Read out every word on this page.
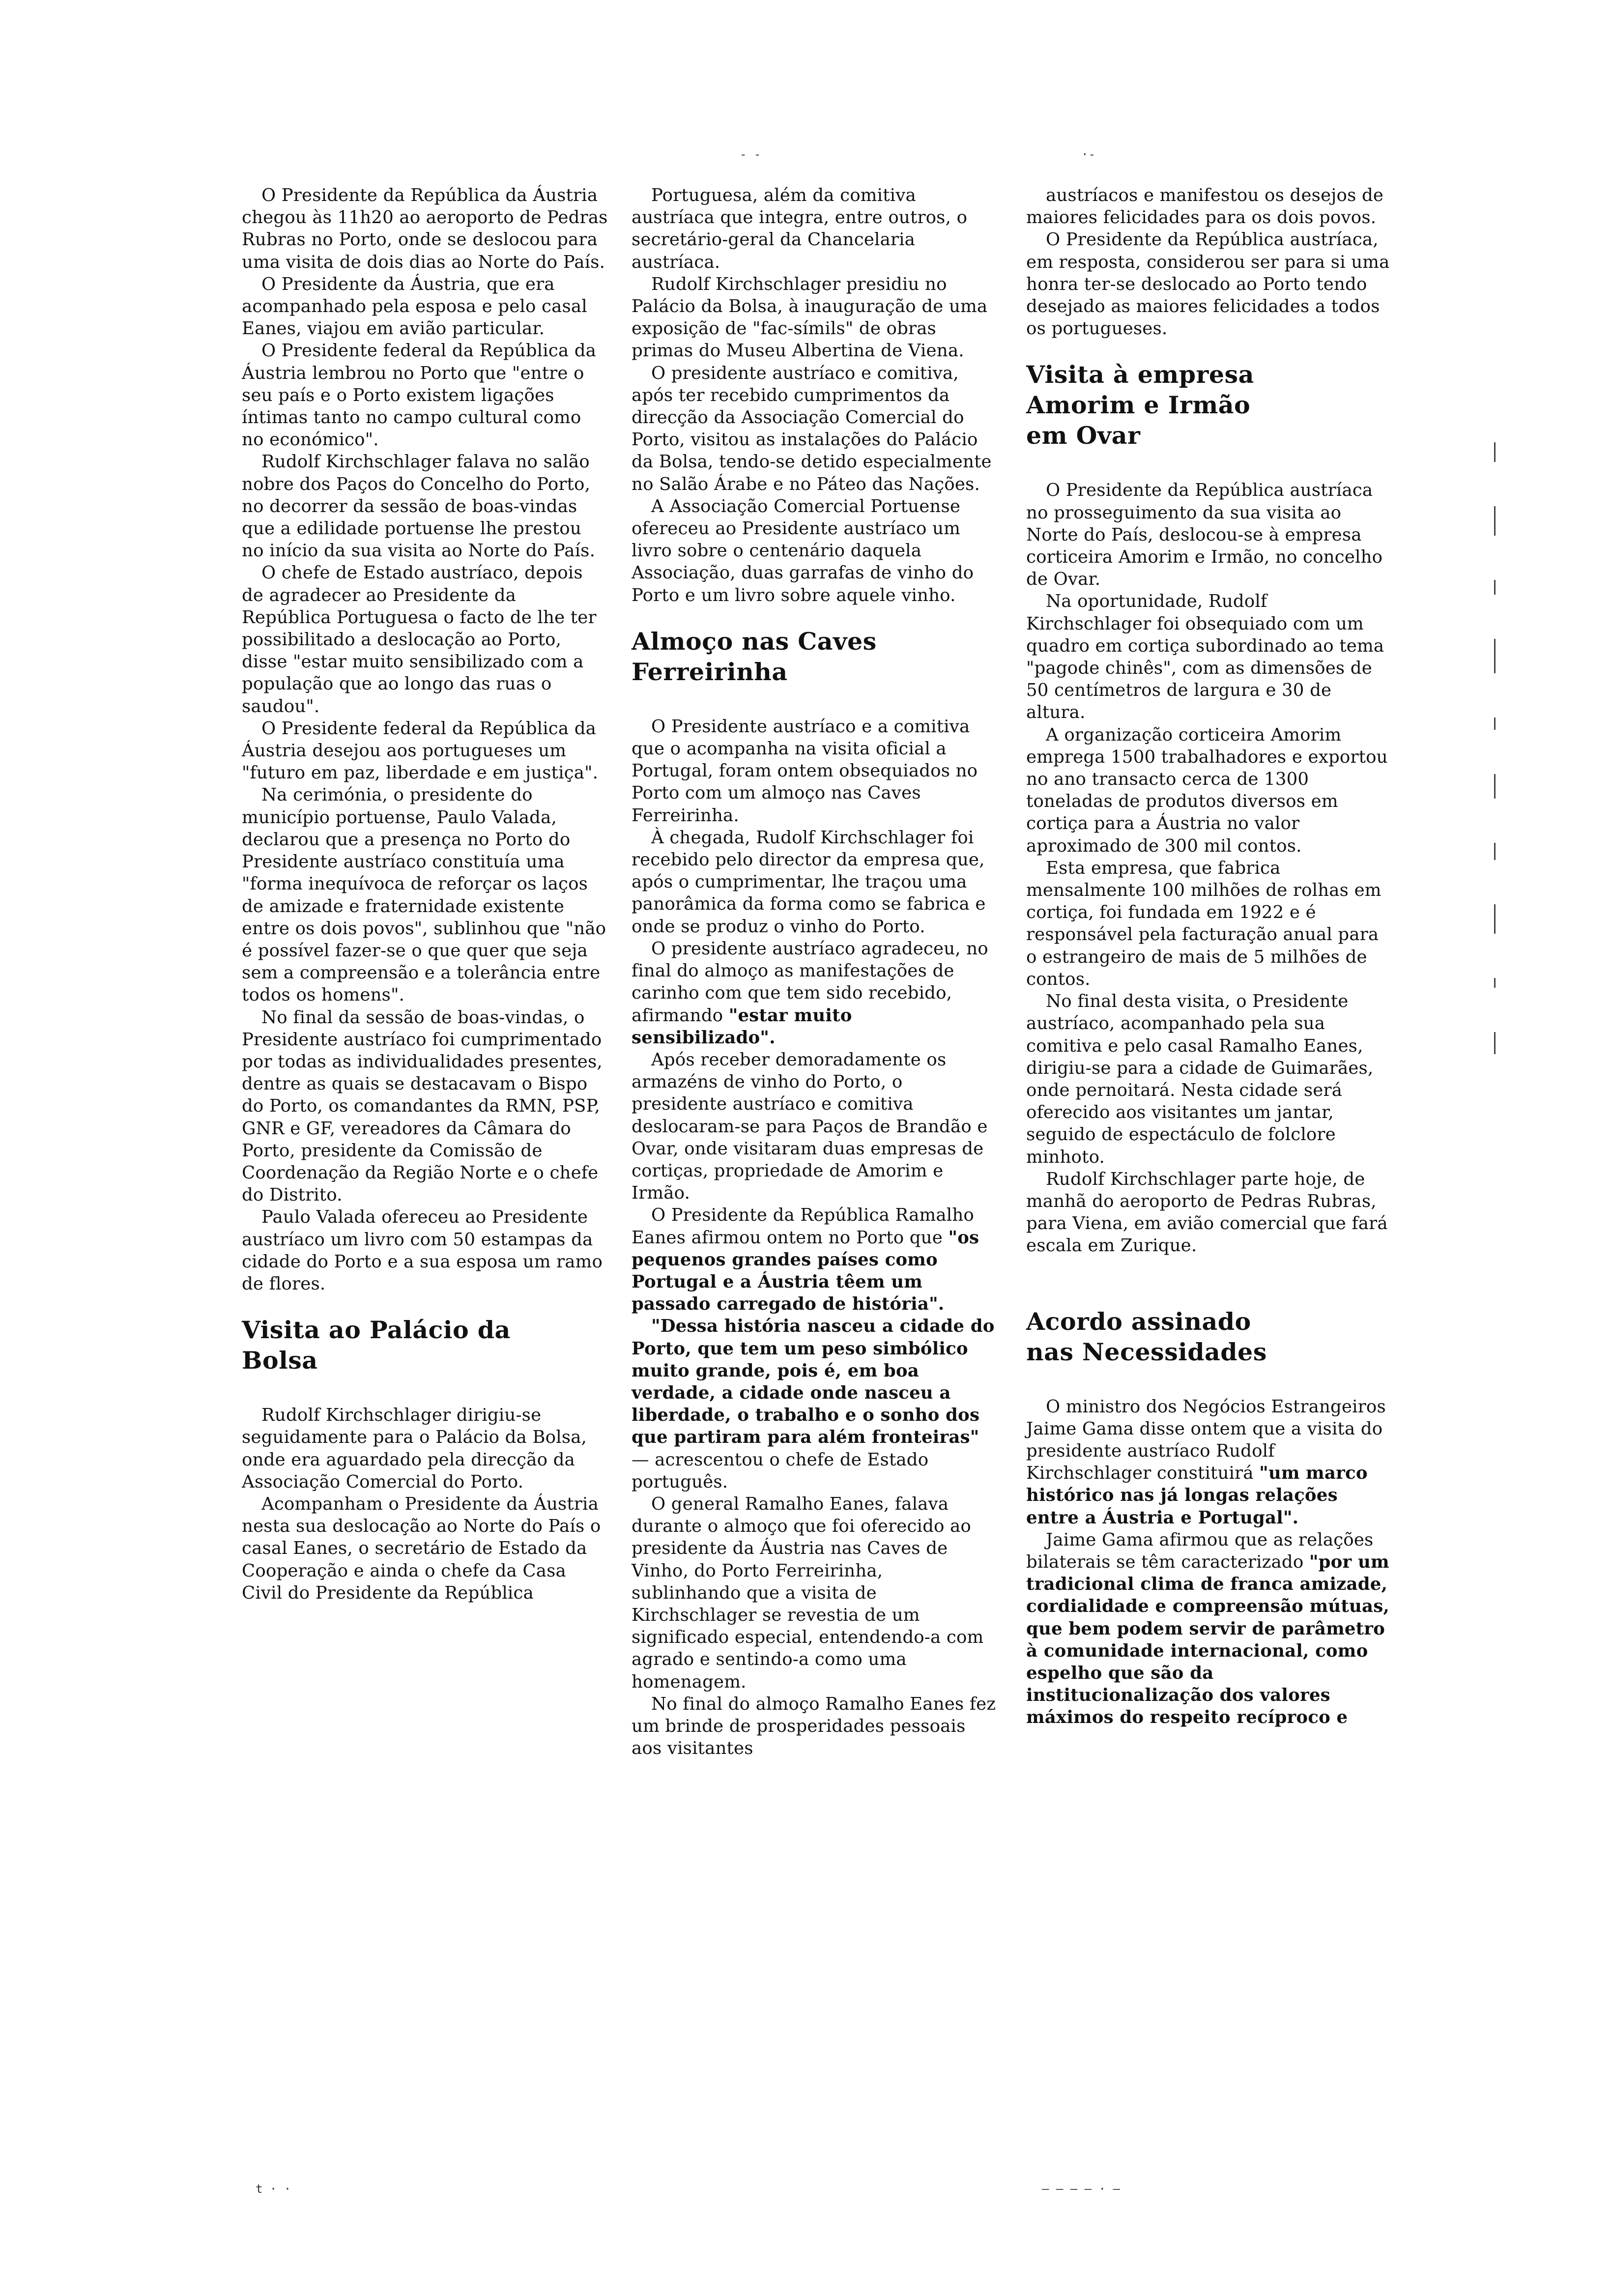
- -	·-

O Presidente da República da Áustria chegou às 11h20 ao aeroporto de Pedras Rubras no Porto, onde se deslocou para uma visita de dois dias ao Norte do País.

O Presidente da Áustria, que era acompanhado pela esposa e pelo casal Eanes, viajou em avião particular.

O Presidente federal da República da Áustria lembrou no Porto que "entre o seu país e o Porto existem ligações íntimas tanto no campo cultural como no económico".

Rudolf Kirchschlager falava no salão nobre dos Paços do Concelho do Porto, no decorrer da sessão de boas-vindas que a edilidade portuense lhe prestou no início da sua visita ao Norte do País.

O chefe de Estado austríaco, depois de agradecer ao Presidente da República Portuguesa o facto de lhe ter possibilitado a deslocação ao Porto, disse "estar muito sensibilizado com a população que ao longo das ruas o saudou".

O Presidente federal da República da Áustria desejou aos portugueses um "futuro em paz, liberdade e em justiça".

Na cerimónia, o presidente do município portuense, Paulo Valada, declarou que a presença no Porto do Presidente austríaco constituía uma "forma inequívoca de reforçar os laços de amizade e fraternidade existente entre os dois povos", sublinhou que "não é possível fazer-se o que quer que seja sem a compreensão e a tolerância entre todos os homens".

No final da sessão de boas-vindas, o Presidente austríaco foi cumprimentado por todas as individualidades presentes, dentre as quais se destacavam o Bispo do Porto, os comandantes da RMN, PSP, GNR e GF, vereadores da Câmara do Porto, presidente da Comissão de Coordenação da Região Norte e o chefe do Distrito.

Paulo Valada ofereceu ao Presidente austríaco um livro com 50 estampas da cidade do Porto e a sua esposa um ramo de flores.

Visita ao Palácio da Bolsa

Rudolf Kirchschlager dirigiu-se seguidamente para o Palácio da Bolsa, onde era aguardado pela direcção da Associação Comercial do Porto.

Acompanham o Presidente da Áustria nesta sua deslocação ao Norte do País o casal Eanes, o secretário de Estado da Cooperação e ainda o chefe da Casa Civil do Presidente da República

Portuguesa, além da comitiva austríaca que integra, entre outros, o secretário-geral da Chancelaria austríaca.

Rudolf Kirchschlager presidiu no Palácio da Bolsa, à inauguração de uma exposição de "fac-símils" de obras primas do Museu Albertina de Viena.

O presidente austríaco e comitiva, após ter recebido cumprimentos da direcção da Associação Comercial do Porto, visitou as instalações do Palácio da Bolsa, tendo-se detido especialmente no Salão Árabe e no Páteo das Nações.

A Associação Comercial Portuense ofereceu ao Presidente austríaco um livro sobre o centenário daquela Associação, duas garrafas de vinho do Porto e um livro sobre aquele vinho.

Almoço nas Caves Ferreirinha

O Presidente austríaco e a comitiva que o acompanha na visita oficial a Portugal, foram ontem obsequiados no Porto com um almoço nas Caves Ferreirinha.

À chegada, Rudolf Kirchschlager foi recebido pelo director da empresa que, após o cumprimentar, lhe traçou uma panorâmica da forma como se fabrica e onde se produz o vinho do Porto.

O presidente austríaco agradeceu, no final do almoço as manifestações de carinho com que tem sido recebido, afirmando "estar muito sensibilizado".

Após receber demoradamente os armazéns de vinho do Porto, o presidente austríaco e comitiva deslocaram-se para Paços de Brandão e Ovar, onde visitaram duas empresas de cortiças, propriedade de Amorim e Irmão.

O Presidente da República Ramalho Eanes afirmou ontem no Porto que "os pequenos grandes países como Portugal e a Áustria têem um passado carregado de história".

"Dessa história nasceu a cidade do Porto, que tem um peso simbólico muito grande, pois é, em boa verdade, a cidade onde nasceu a liberdade, o trabalho e o sonho dos que partiram para além fronteiras" — acrescentou o chefe de Estado português.

O general Ramalho Eanes, falava durante o almoço que foi oferecido ao presidente da Áustria nas Caves de Vinho, do Porto Ferreirinha, sublinhando que a visita de Kirchschlager se revestia de um significado especial, entendendo-a com agrado e sentindo-a como uma homenagem.

No final do almoço Ramalho Eanes fez um brinde de prosperidades pessoais aos visitantes

austríacos e manifestou os desejos de maiores felicidades para os dois povos.

O Presidente da República austríaca, em resposta, considerou ser para si uma honra ter-se deslocado ao Porto tendo desejado as maiores felicidades a todos os portugueses.

Visita à empresa Amorim e Irmão em Ovar

O Presidente da República austríaca no prosseguimento da sua visita ao Norte do País, deslocou-se à empresa corticeira Amorim e Irmão, no concelho de Ovar.

Na oportunidade, Rudolf Kirchschlager foi obsequiado com um quadro em cortiça subordinado ao tema "pagode chinês", com as dimensões de 50 centímetros de largura e 30 de altura.

A organização corticeira Amorim emprega 1500 trabalhadores e exportou no ano transacto cerca de 1300 toneladas de produtos diversos em cortiça para a Áustria no valor aproximado de 300 mil contos.

Esta empresa, que fabrica mensalmente 100 milhões de rolhas em cortiça, foi fundada em 1922 e é responsável pela facturação anual para o estrangeiro de mais de 5 milhões de contos.

No final desta visita, o Presidente austríaco, acompanhado pela sua comitiva e pelo casal Ramalho Eanes, dirigiu-se para a cidade de Guimarães, onde pernoitará. Nesta cidade será oferecido aos visitantes um jantar, seguido de espectáculo de folclore minhoto.

Rudolf Kirchschlager parte hoje, de manhã do aeroporto de Pedras Rubras, para Viena, em avião comercial que fará escala em Zurique.

Acordo assinado nas Necessidades

O ministro dos Negócios Estrangeiros Jaime Gama disse ontem que a visita do presidente austríaco Rudolf Kirchschlager constituirá "um marco histórico nas já longas relações entre a Áustria e Portugal".

Jaime Gama afirmou que as relações bilaterais se têm caracterizado "por um tradicional clima de franca amizade, cordialidade e compreensão mútuas, que bem podem servir de parâmetro à comunidade internacional, como espelho que são da institucionalização dos valores máximos do respeito recíproco e

t · ·	— — — — · —
